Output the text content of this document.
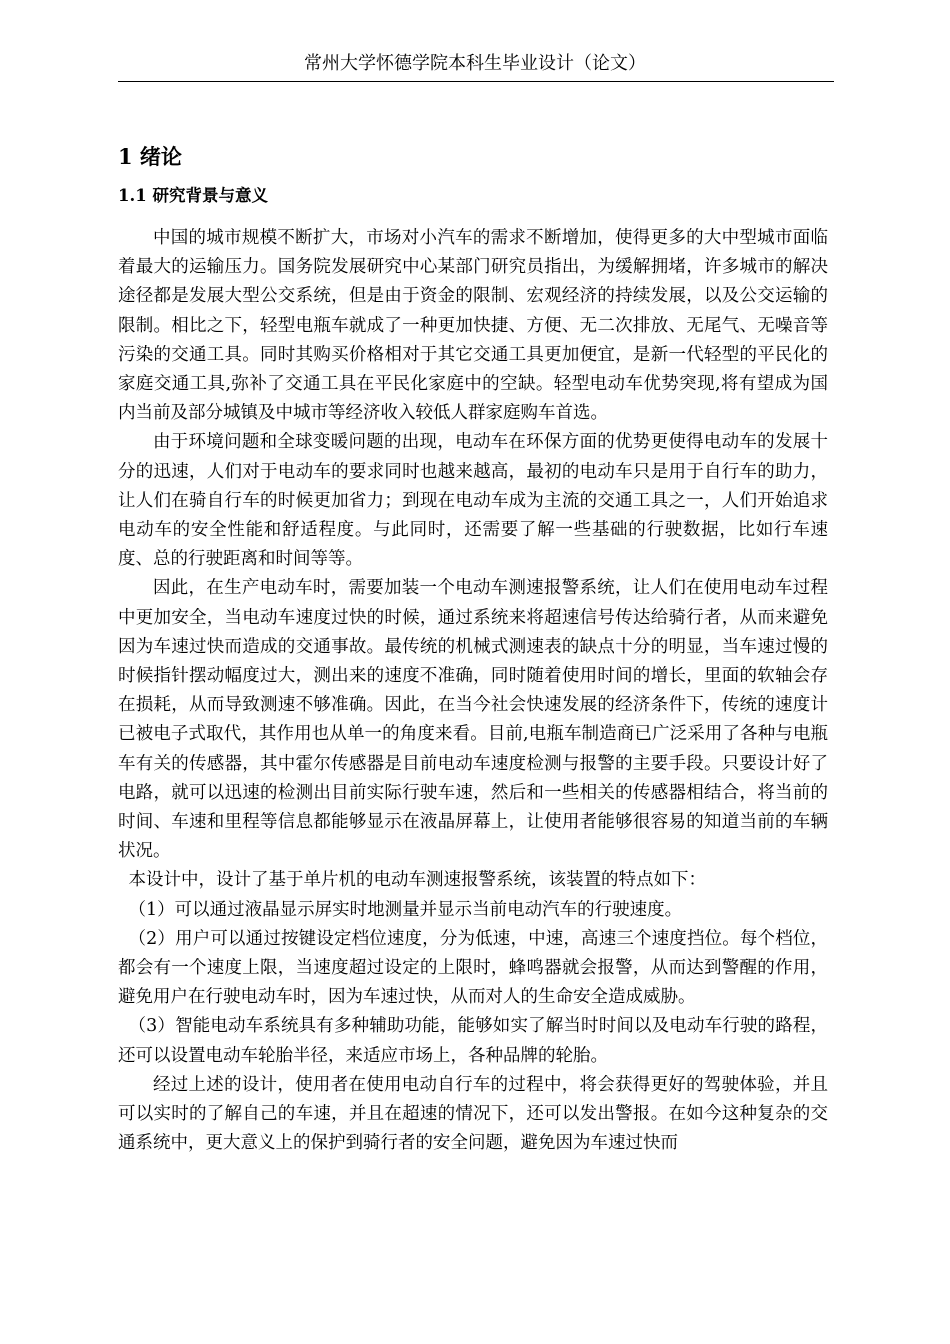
常州大学怀德学院本科生毕业设计（论文）
1 绪论
1.1 研究背景与意义

中国的城市规模不断扩大，市场对小汽车的需求不断增加，使得更多的大中型城市面临着最大的运输压力。国务院发展研究中心某部门研究员指出，为缓解拥堵，许多城市的解决途径都是发展大型公交系统，但是由于资金的限制、宏观经济的持续发展，以及公交运输的限制。相比之下，轻型电瓶车就成了一种更加快捷、方便、无二次排放、无尾气、无噪音等污染的交通工具。同时其购买价格相对于其它交通工具更加便宜，是新一代轻型的平民化的家庭交通工具,弥补了交通工具在平民化家庭中的空缺。轻型电动车优势突现,将有望成为国内当前及部分城镇及中城市等经济收入较低人群家庭购车首选。

由于环境问题和全球变暖问题的出现，电动车在环保方面的优势更使得电动车的发展十分的迅速，人们对于电动车的要求同时也越来越高，最初的电动车只是用于自行车的助力，让人们在骑自行车的时候更加省力；到现在电动车成为主流的交通工具之一，人们开始追求电动车的安全性能和舒适程度。与此同时，还需要了解一些基础的行驶数据，比如行车速度、总的行驶距离和时间等等。

因此，在生产电动车时，需要加装一个电动车测速报警系统，让人们在使用电动车过程中更加安全，当电动车速度过快的时候，通过系统来将超速信号传达给骑行者，从而来避免因为车速过快而造成的交通事故。最传统的机械式测速表的缺点十分的明显，当车速过慢的时候指针摆动幅度过大，测出来的速度不准确，同时随着使用时间的增长，里面的软轴会存在损耗，从而导致测速不够准确。因此，在当今社会快速发展的经济条件下，传统的速度计已被电子式取代，其作用也从单一的角度来看。目前,电瓶车制造商已广泛采用了各种与电瓶车有关的传感器，其中霍尔传感器是目前电动车速度检测与报警的主要手段。只要设计好了电路，就可以迅速的检测出目前实际行驶车速，然后和一些相关的传感器相结合，将当前的时间、车速和里程等信息都能够显示在液晶屏幕上，让使用者能够很容易的知道当前的车辆状况。

本设计中，设计了基于单片机的电动车测速报警系统，该装置的特点如下：

（1）可以通过液晶显示屏实时地测量并显示当前电动汽车的行驶速度。

（2）用户可以通过按键设定档位速度，分为低速，中速，高速三个速度挡位。每个档位，都会有一个速度上限，当速度超过设定的上限时，蜂鸣器就会报警，从而达到警醒的作用，避免用户在行驶电动车时，因为车速过快，从而对人的生命安全造成威胁。

（3）智能电动车系统具有多种辅助功能，能够如实了解当时时间以及电动车行驶的路程，还可以设置电动车轮胎半径，来适应市场上，各种品牌的轮胎。

经过上述的设计，使用者在使用电动自行车的过程中，将会获得更好的驾驶体验，并且可以实时的了解自己的车速，并且在超速的情况下，还可以发出警报。在如今这种复杂的交通系统中，更大意义上的保护到骑行者的安全问题，避免因为车速过快而
